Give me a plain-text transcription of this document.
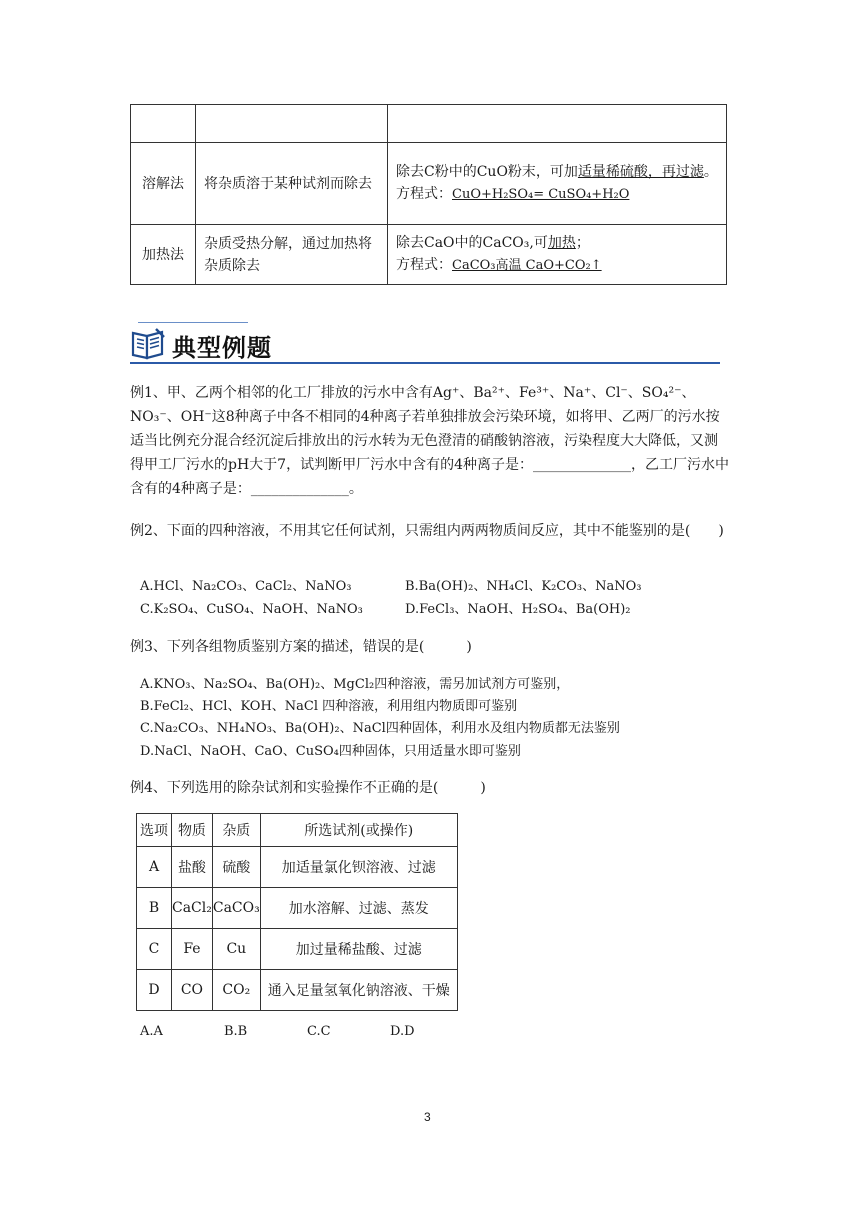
溶解法	将杂质溶于某种试剂而除去	除去C粉中的CuO粉末，可加适量稀硫酸，再过滤。
方程式：CuO+H₂SO₄= CuSO₄+H₂O
加热法	杂质受热分解，通过加热将杂质除去	除去CaO中的CaCO₃,可加热；
方程式：CaCO₃高温 CaO+CO₂↑
典型例题
例1、甲、乙两个相邻的化工厂排放的污水中含有Ag⁺、Ba²⁺、Fe³⁺、Na⁺、Cl⁻、SO₄²⁻、NO₃⁻、OH⁻这8种离子中各不相同的4种离子若单独排放会污染环境，如将甲、乙两厂的污水按适当比例充分混合经沉淀后排放出的污水转为无色澄清的硝酸钠溶液，污染程度大大降低，又测得甲工厂污水的pH大于7，试判断甲厂污水中含有的4种离子是：______________，乙工厂污水中含有的4种离子是：______________。
例2、下面的四种溶液，不用其它任何试剂，只需组内两两物质间反应，其中不能鉴别的是(　　)
A.HCl、Na₂CO₃、CaCl₂、NaNO₃	B.Ba(OH)₂、NH₄Cl、K₂CO₃、NaNO₃
C.K₂SO₄、CuSO₄、NaOH、NaNO₃	D.FeCl₃、NaOH、H₂SO₄、Ba(OH)₂
例3、下列各组物质鉴别方案的描述，错误的是(　　　)
A.KNO₃、Na₂SO₄、Ba(OH)₂、MgCl₂四种溶液，需另加试剂方可鉴别，
B.FeCl₂、HCl、KOH、NaCl 四种溶液，利用组内物质即可鉴别
C.Na₂CO₃、NH₄NO₃、Ba(OH)₂、NaCl四种固体，利用水及组内物质都无法鉴别
D.NaCl、NaOH、CaO、CuSO₄四种固体，只用适量水即可鉴别
例4、下列选用的除杂试剂和实验操作不正确的是(　　　)
选项	物质	杂质	所选试剂(或操作)
A	盐酸	硫酸	加适量氯化钡溶液、过滤
B	CaCl₂	CaCO₃	加水溶解、过滤、蒸发
C	Fe	Cu	加过量稀盐酸、过滤
D	CO	CO₂	通入足量氢氧化钠溶液、干燥
A.A	B.B	C.C	D.D
3
